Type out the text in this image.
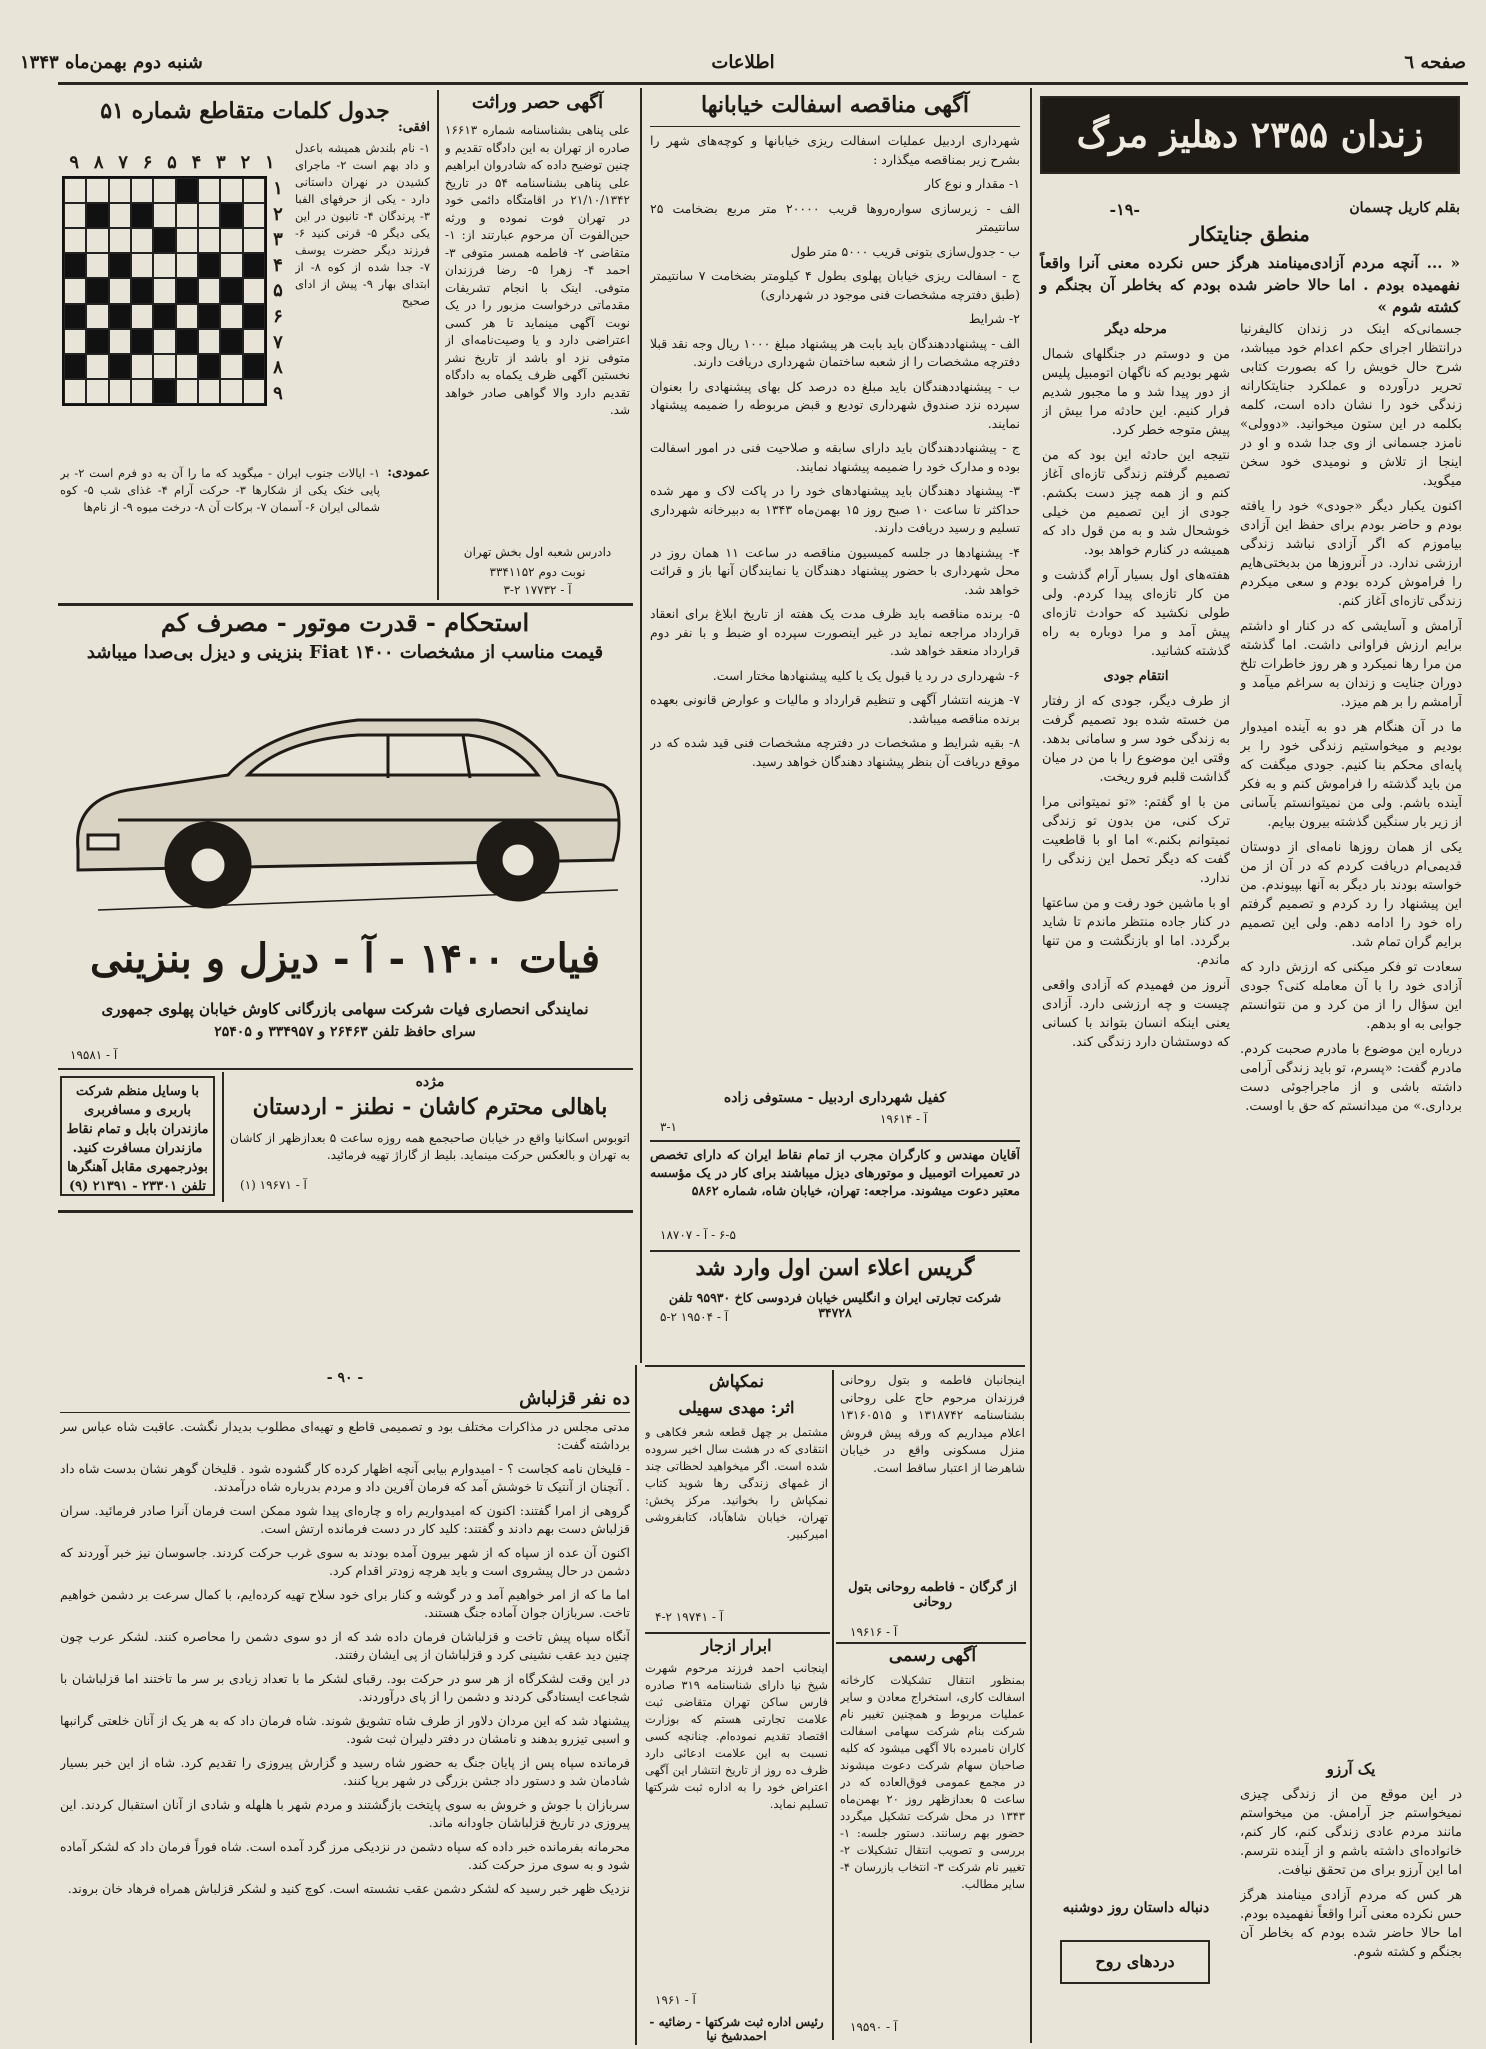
صفحه ٦
اطلاعات
شنبه دوم بهمن‌ماه ۱۳۴۳
زندان ۲۳۵۵ دهلیز مرگ
-۱۹-	بقلم کاریل چسمان
منطق جنایتکار
« ... آنچه مردم آزادی‌مینامند هرگز حس نکرده معنی آنرا واقعاً نفهمیده بودم . اما حالا حاضر شده بودم که بخاطر آن بجنگم و کشته شوم »

جسمانی‌که اینک در زندان کالیفرنیا درانتظار اجرای حکم اعدام خود میباشد، شرح حال خویش را که بصورت کتابی تحریر درآورده و عملکرد جنایتکارانه زندگی خود را نشان داده است، کلمه بکلمه در این ستون میخوانید. «دوولی» نامزد جسمانی از وی جدا شده و او در اینجا از تلاش و نومیدی خود سخن میگوید.

اکنون یکبار دیگر «جودی» خود را یافته بودم و حاضر بودم برای حفظ این آزادی بیاموزم که اگر آزادی نباشد زندگی ارزشی ندارد. در آنروزها من بدبختی‌هایم را فراموش کرده بودم و سعی میکردم زندگی تازه‌ای آغاز کنم.

آرامش و آسایشی که در کنار او داشتم برایم ارزش فراوانی داشت. اما گذشته من مرا رها نمیکرد و هر روز خاطرات تلخ دوران جنایت و زندان به سراغم میآمد و آرامشم را بر هم میزد.

ما در آن هنگام هر دو به آینده امیدوار بودیم و میخواستیم زندگی خود را بر پایه‌ای محکم بنا کنیم. جودی میگفت که من باید گذشته را فراموش کنم و به فکر آینده باشم. ولی من نمیتوانستم بآسانی از زیر بار سنگین گذشته بیرون بیایم.

یکی از همان روزها نامه‌ای از دوستان قدیمی‌ام دریافت کردم که در آن از من خواسته بودند بار دیگر به آنها بپیوندم. من این پیشنهاد را رد کردم و تصمیم گرفتم راه خود را ادامه دهم. ولی این تصمیم برایم گران تمام شد.

سعادت تو فکر میکنی که ارزش دارد که آزادی خود را با آن معامله کنی؟ جودی این سؤال را از من کرد و من نتوانستم جوابی به او بدهم.

درباره این موضوع با مادرم صحبت کردم. مادرم گفت: «پسرم، تو باید زندگی آرامی داشته باشی و از ماجراجوئی دست برداری.» من میدانستم که حق با اوست.

مرحله دیگر

من و دوستم در جنگلهای شمال شهر بودیم که ناگهان اتومبیل پلیس از دور پیدا شد و ما مجبور شدیم فرار کنیم. این حادثه مرا بیش از پیش متوجه خطر کرد.

نتیجه این حادثه این بود که من تصمیم گرفتم زندگی تازه‌ای آغاز کنم و از همه چیز دست بکشم. جودی از این تصمیم من خیلی خوشحال شد و به من قول داد که همیشه در کنارم خواهد بود.

هفته‌های اول بسیار آرام گذشت و من کار تازه‌ای پیدا کردم. ولی طولی نکشید که حوادث تازه‌ای پیش آمد و مرا دوباره به راه گذشته کشانید.

انتقام جودی

از طرف دیگر، جودی که از رفتار من خسته شده بود تصمیم گرفت به زندگی خود سر و سامانی بدهد. وقتی این موضوع را با من در میان گذاشت قلبم فرو ریخت.

من با او گفتم: «تو نمیتوانی مرا ترک کنی، من بدون تو زندگی نمیتوانم بکنم.» اما او با قاطعیت گفت که دیگر تحمل این زندگی را ندارد.

او با ماشین خود رفت و من ساعتها در کنار جاده منتظر ماندم تا شاید برگردد. اما او بازنگشت و من تنها ماندم.

آنروز من فهمیدم که آزادی واقعی چیست و چه ارزشی دارد. آزادی یعنی اینکه انسان بتواند با کسانی که دوستشان دارد زندگی کند.

یک آرزو

در این موقع من از زندگی چیزی نمیخواستم جز آرامش. من میخواستم مانند مردم عادی زندگی کنم، کار کنم، خانواده‌ای داشته باشم و از آینده نترسم. اما این آرزو برای من تحقق نیافت.

هر کس که مردم آزادی مینامند هرگز حس نکرده معنی آنرا واقعاً نفهمیده بودم. اما حالا حاضر شده بودم که بخاطر آن بجنگم و کشته شوم.

دنباله داستان روز دوشنبه
دردهای روح
آگهی مناقصه اسفالت خیابانها

شهرداری اردبیل عملیات اسفالت ریزی خیابانها و کوچه‌های شهر را بشرح زیر بمناقصه میگذارد :

۱- مقدار و نوع کار

الف - زیرسازی سواره‌روها قریب ۲۰۰۰۰ متر مربع بضخامت ۲۵ سانتیمتر

ب - جدول‌سازی بتونی قریب ۵۰۰۰ متر طول

ج - اسفالت ریزی خیابان پهلوی بطول ۴ کیلومتر بضخامت ۷ سانتیمتر (طبق دفترچه مشخصات فنی موجود در شهرداری)

۲- شرایط

الف - پیشنهاددهندگان باید بابت هر پیشنهاد مبلغ ۱۰۰۰ ریال وجه نقد قبلا دفترچه مشخصات را از شعبه ساختمان شهرداری دریافت دارند.

ب - پیشنهاددهندگان باید مبلغ ده درصد کل بهای پیشنهادی را بعنوان سپرده نزد صندوق شهرداری تودیع و قبض مربوطه را ضمیمه پیشنهاد نمایند.

ج - پیشنهاددهندگان باید دارای سابقه و صلاحیت فنی در امور اسفالت بوده و مدارک خود را ضمیمه پیشنهاد نمایند.

۳- پیشنهاد دهندگان باید پیشنهادهای خود را در پاکت لاک و مهر شده حداکثر تا ساعت ۱۰ صبح روز ۱۵ بهمن‌ماه ۱۳۴۳ به دبیرخانه شهرداری تسلیم و رسید دریافت دارند.

۴- پیشنهادها در جلسه کمیسیون مناقصه در ساعت ۱۱ همان روز در محل شهرداری با حضور پیشنهاد دهندگان یا نمایندگان آنها باز و قرائت خواهد شد.

۵- برنده مناقصه باید ظرف مدت یک هفته از تاریخ ابلاغ برای انعقاد قرارداد مراجعه نماید در غیر اینصورت سپرده او ضبط و با نفر دوم قرارداد منعقد خواهد شد.

۶- شهرداری در رد یا قبول یک یا کلیه پیشنهادها مختار است.

۷- هزینه انتشار آگهی و تنظیم قرارداد و مالیات و عوارض قانونی بعهده برنده مناقصه میباشد.

۸- بقیه شرایط و مشخصات در دفترچه مشخصات فنی قید شده که در موقع دریافت آن بنظر پیشنهاد دهندگان خواهد رسید.

کفیل شهرداری اردبیل - مستوفی زاده
۳-۱
آ - ۱۹۶۱۴
آقایان مهندس و کارگران مجرب از تمام نقاط ایران که دارای تخصص در تعمیرات اتومبیل و موتورهای دیزل میباشند برای کار در یک مؤسسه معتبر دعوت میشوند. مراجعه: تهران، خیابان شاه، شماره ۵۸۶۲
۶-۵ - آ - ۱۸۷۰۷
گریس اعلاء اسن اول وارد شد
شرکت تجارتی ایران و انگلیس خیابان فردوسی کاخ ۹۵۹۳۰ تلفن ۳۴۷۲۸
آ - ۱۹۵۰۴ ۲-۵
آگهی حصر وراثت
علی پناهی بشناسنامه شماره ۱۶۶۱۳ صادره از تهران به این دادگاه تقدیم و چنین توضیح داده که شادروان ابراهیم علی پناهی بشناسنامه ۵۴ در تاریخ ۲۱/۱۰/۱۳۴۲ در اقامتگاه دائمی خود در تهران فوت نموده و ورثه حین‌الفوت آن مرحوم عبارتند از: ۱- متقاضی ۲- فاطمه همسر متوفی ۳- احمد ۴- زهرا ۵- رضا فرزندان متوفی. اینک با انجام تشریفات مقدماتی درخواست مزبور را در یک نوبت آگهی مینماید تا هر کسی اعتراضی دارد و یا وصیت‌نامه‌ای از متوفی نزد او باشد از تاریخ نشر نخستین آگهی ظرف یکماه به دادگاه تقدیم دارد والا گواهی صادر خواهد شد.
دادرس شعبه اول بخش تهران
نوبت دوم ۳۳۴۱۱۵۲
آ - ۱۷۷۳۲ ۲-۳
جدول کلمات متقاطع شماره ۵۱
۹ ۸ ۷ ۶ ۵ ۴ ۳ ۲ ۱
۱
۲
۳
۴
۵
۶
۷
۸
۹
افقی:
۱- نام بلندش همیشه باعدل و داد بهم است ۲- ماجرای کشیدن در نهران داستانی دارد - یکی از حرفهای الفبا ۳- پرندگان ۴- تانیون در این یکی دیگر ۵- قرنی کنید ۶- فرزند دیگر حضرت یوسف ۷- جدا شده از کوه ۸- از ابتدای بهار ۹- پیش از ادای صحیح
عمودی:
۱- ایالات جنوب ایران - میگوید که ما را آن به دو فرم است ۲- بر پایی خنک یکی از شکارها ۳- حرکت آرام ۴- غذای شب ۵- کوه شمالی ایران ۶- آسمان ۷- برکات آن ۸- درخت میوه ۹- از نام‌ها
استحکام - قدرت موتور - مصرف کم
قیمت مناسب از مشخصات Fiat ۱۴۰۰ بنزینی و دیزل بی‌صدا میباشد
فیات ۱۴۰۰ - آ - دیزل و بنزینی
نمایندگی انحصاری فیات شرکت سهامی بازرگانی کاوش خیابان پهلوی جمهوری
سرای حافظ تلفن ۲۶۴۶۳ و ۳۳۴۹۵۷ و ۲۵۴۰۵
آ - ۱۹۵۸۱
مژده
باهالی محترم کاشان - نطنز - اردستان
اتوبوس اسکانیا واقع در خیابان صاحبجمع همه روزه ساعت ۵ بعدازظهر از کاشان به تهران و بالعکس حرکت مینماید. بلیط از گاراژ تهیه فرمائید.
آ - ۱۹۶۷۱ (۱)
با وسایل منظم شرکت باربری و مسافربری مازندران بابل و تمام نقاط مازندران مسافرت کنید. بوذرجمهری مقابل آهنگرها تلفن ۲۳۳۰۱ - ۲۱۳۹۱ (۹)
- ۹۰ -
ده نفر قزلباش

مدتی مجلس در مذاکرات مختلف بود و تصمیمی قاطع و تهیه‌ای مطلوب بدیدار نگشت. عاقبت شاه عباس سر برداشته گفت:

- قلیخان نامه کجاست ؟ - امیدوارم بیابی آنچه اظهار کرده کار گشوده شود . قلیخان گوهر نشان بدست شاه داد . آنچنان از آنتیک تا خوشش آمد که فرمان آفرین داد و مردم بدرباره شاه درآمدند.

گروهی از امرا گفتند: اکنون که امیدواریم راه و چاره‌ای پیدا شود ممکن است فرمان آنرا صادر فرمائید. سران قزلباش دست بهم دادند و گفتند: کلید کار در دست فرمانده ارتش است.

اکنون آن عده از سپاه که از شهر بیرون آمده بودند به سوی غرب حرکت کردند. جاسوسان نیز خبر آوردند که دشمن در حال پیشروی است و باید هرچه زودتر اقدام کرد.

اما ما که از امر خواهیم آمد و در گوشه و کنار برای خود سلاح تهیه کرده‌ایم، با کمال سرعت بر دشمن خواهیم تاخت. سربازان جوان آماده جنگ هستند.

آنگاه سپاه پیش تاخت و قزلباشان فرمان داده شد که از دو سوی دشمن را محاصره کنند. لشکر عرب چون چنین دید عقب نشینی کرد و قزلباشان از پی ایشان رفتند.

در این وقت لشکرگاه از هر سو در حرکت بود. رقبای لشکر ما با تعداد زیادی بر سر ما تاختند اما قزلباشان با شجاعت ایستادگی کردند و دشمن را از پای درآوردند.

پیشنهاد شد که این مردان دلاور از طرف شاه تشویق شوند. شاه فرمان داد که به هر یک از آنان خلعتی گرانبها و اسبی تیزرو بدهند و نامشان در دفتر دلیران ثبت شود.

فرمانده سپاه پس از پایان جنگ به حضور شاه رسید و گزارش پیروزی را تقدیم کرد. شاه از این خبر بسیار شادمان شد و دستور داد جشن بزرگی در شهر برپا کنند.

سربازان با جوش و خروش به سوی پایتخت بازگشتند و مردم شهر با هلهله و شادی از آنان استقبال کردند. این پیروزی در تاریخ قزلباشان جاودانه ماند.

محرمانه بفرمانده خبر داده که سپاه دشمن در نزدیکی مرز گرد آمده است. شاه فوراً فرمان داد که لشکر آماده شود و به سوی مرز حرکت کند.

نزدیک ظهر خبر رسید که لشکر دشمن عقب نشسته است. کوچ کنید و لشکر قزلباش همراه فرهاد خان بروند.

اینجانبان فاطمه و بتول روحانی فرزندان مرحوم حاج علی روحانی بشناسنامه ۱۳۱۸۷۴۲ و ۱۳۱۶۰۵۱۵ اعلام میداریم که ورقه پیش فروش منزل مسکونی واقع در خیابان شاهرضا از اعتبار ساقط است.
از گرگان - فاطمه روحانی بتول روحانی
آ - ۱۹۶۱۶
آگهی رسمی
بمنظور انتقال تشکیلات کارخانه اسفالت کاری، استخراج معادن و سایر عملیات مربوط و همچنین تغییر نام شرکت بنام شرکت سهامی اسفالت کاران نامبرده بالا آگهی میشود که کلیه صاحبان سهام شرکت دعوت میشوند در مجمع عمومی فوق‌العاده که در ساعت ۵ بعدازظهر روز ۲۰ بهمن‌ماه ۱۳۴۳ در محل شرکت تشکیل میگردد حضور بهم رسانند. دستور جلسه: ۱- بررسی و تصویب انتقال تشکیلات ۲- تغییر نام شرکت ۳- انتخاب بازرسان ۴- سایر مطالب.
آ - ۱۹۵۹۰
نمکپاش
اثر: مهدی سهیلی
مشتمل بر چهل قطعه شعر فکاهی و انتقادی که در هشت سال اخیر سروده شده است. اگر میخواهید لحظاتی چند از غمهای زندگی رها شوید کتاب نمکپاش را بخوانید. مرکز پخش: تهران، خیابان شاهآباد، کتابفروشی امیرکبیر.
آ - ۱۹۷۴۱ ۲-۴
ابرار ازجار
اینجانب احمد فرزند مرحوم شهرت شیخ نیا دارای شناسنامه ۳۱۹ صادره فارس ساکن تهران متقاضی ثبت علامت تجارتی هستم که بوزارت اقتصاد تقدیم نموده‌ام. چنانچه کسی نسبت به این علامت ادعائی دارد ظرف ده روز از تاریخ انتشار این آگهی اعتراض خود را به اداره ثبت شرکتها تسلیم نماید.
آ - ۱۹۶۱
رئیس اداره ثبت شرکتها - رضائیه - احمدشیخ نیا
